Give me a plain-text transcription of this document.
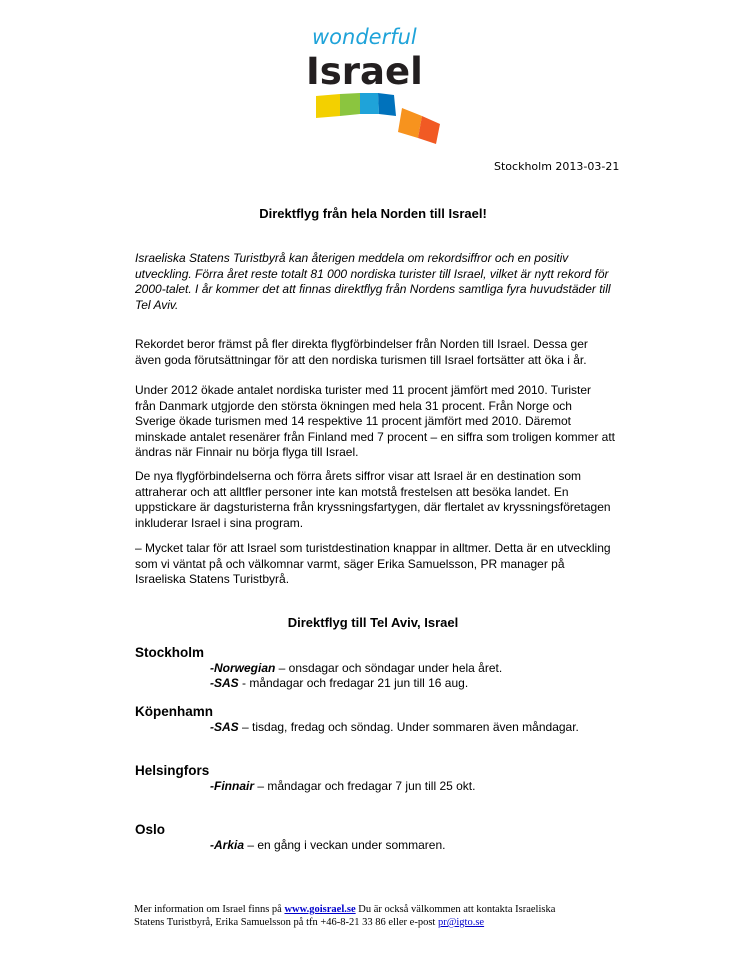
wonderful
Israel
Stockholm 2013-03-21
Direktflyg från hela Norden till Israel!

Israeliska Statens Turistbyrå kan återigen meddela om rekordsiffror och en positiv utveckling. Förra året reste totalt 81 000 nordiska turister till Israel, vilket är nytt rekord för 2000-talet. I år kommer det att finnas direktflyg från Nordens samtliga fyra huvudstäder till Tel Aviv.

Rekordet beror främst på fler direkta flygförbindelser från Norden till Israel. Dessa ger även goda förutsättningar för att den nordiska turismen till Israel fortsätter att öka i år.

Under 2012 ökade antalet nordiska turister med 11 procent jämfört med 2010. Turister från Danmark utgjorde den största ökningen med hela 31 procent. Från Norge och Sverige ökade turismen med 14 respektive 11 procent jämfört med 2010. Däremot minskade antalet resenärer från Finland med 7 procent – en siffra som troligen kommer att ändras när Finnair nu börja flyga till Israel.

De nya flygförbindelserna och förra årets siffror visar att Israel är en destination som attraherar och att alltfler personer inte kan motstå frestelsen att besöka landet. En uppstickare är dagsturisterna från kryssningsfartygen, där flertalet av kryssningsföretagen inkluderar Israel i sina program.

– Mycket talar för att Israel som turistdestination knappar in alltmer. Detta är en utveckling som vi väntat på och välkomnar varmt, säger Erika Samuelsson, PR manager på Israeliska Statens Turistbyrå.

Direktflyg till Tel Aviv, Israel
Stockholm
-Norwegian – onsdagar och söndagar under hela året.
-SAS - måndagar och fredagar 21 jun till 16 aug.
Köpenhamn
-SAS – tisdag, fredag och söndag. Under sommaren även måndagar.
Helsingfors
-Finnair – måndagar och fredagar 7 jun till 25 okt.
Oslo
-Arkia – en gång i veckan under sommaren.
Mer information om Israel finns på www.goisrael.se Du är också välkommen att kontakta Israeliska
Statens Turistbyrå, Erika Samuelsson på tfn +46-8-21 33 86 eller e-post pr@igto.se
